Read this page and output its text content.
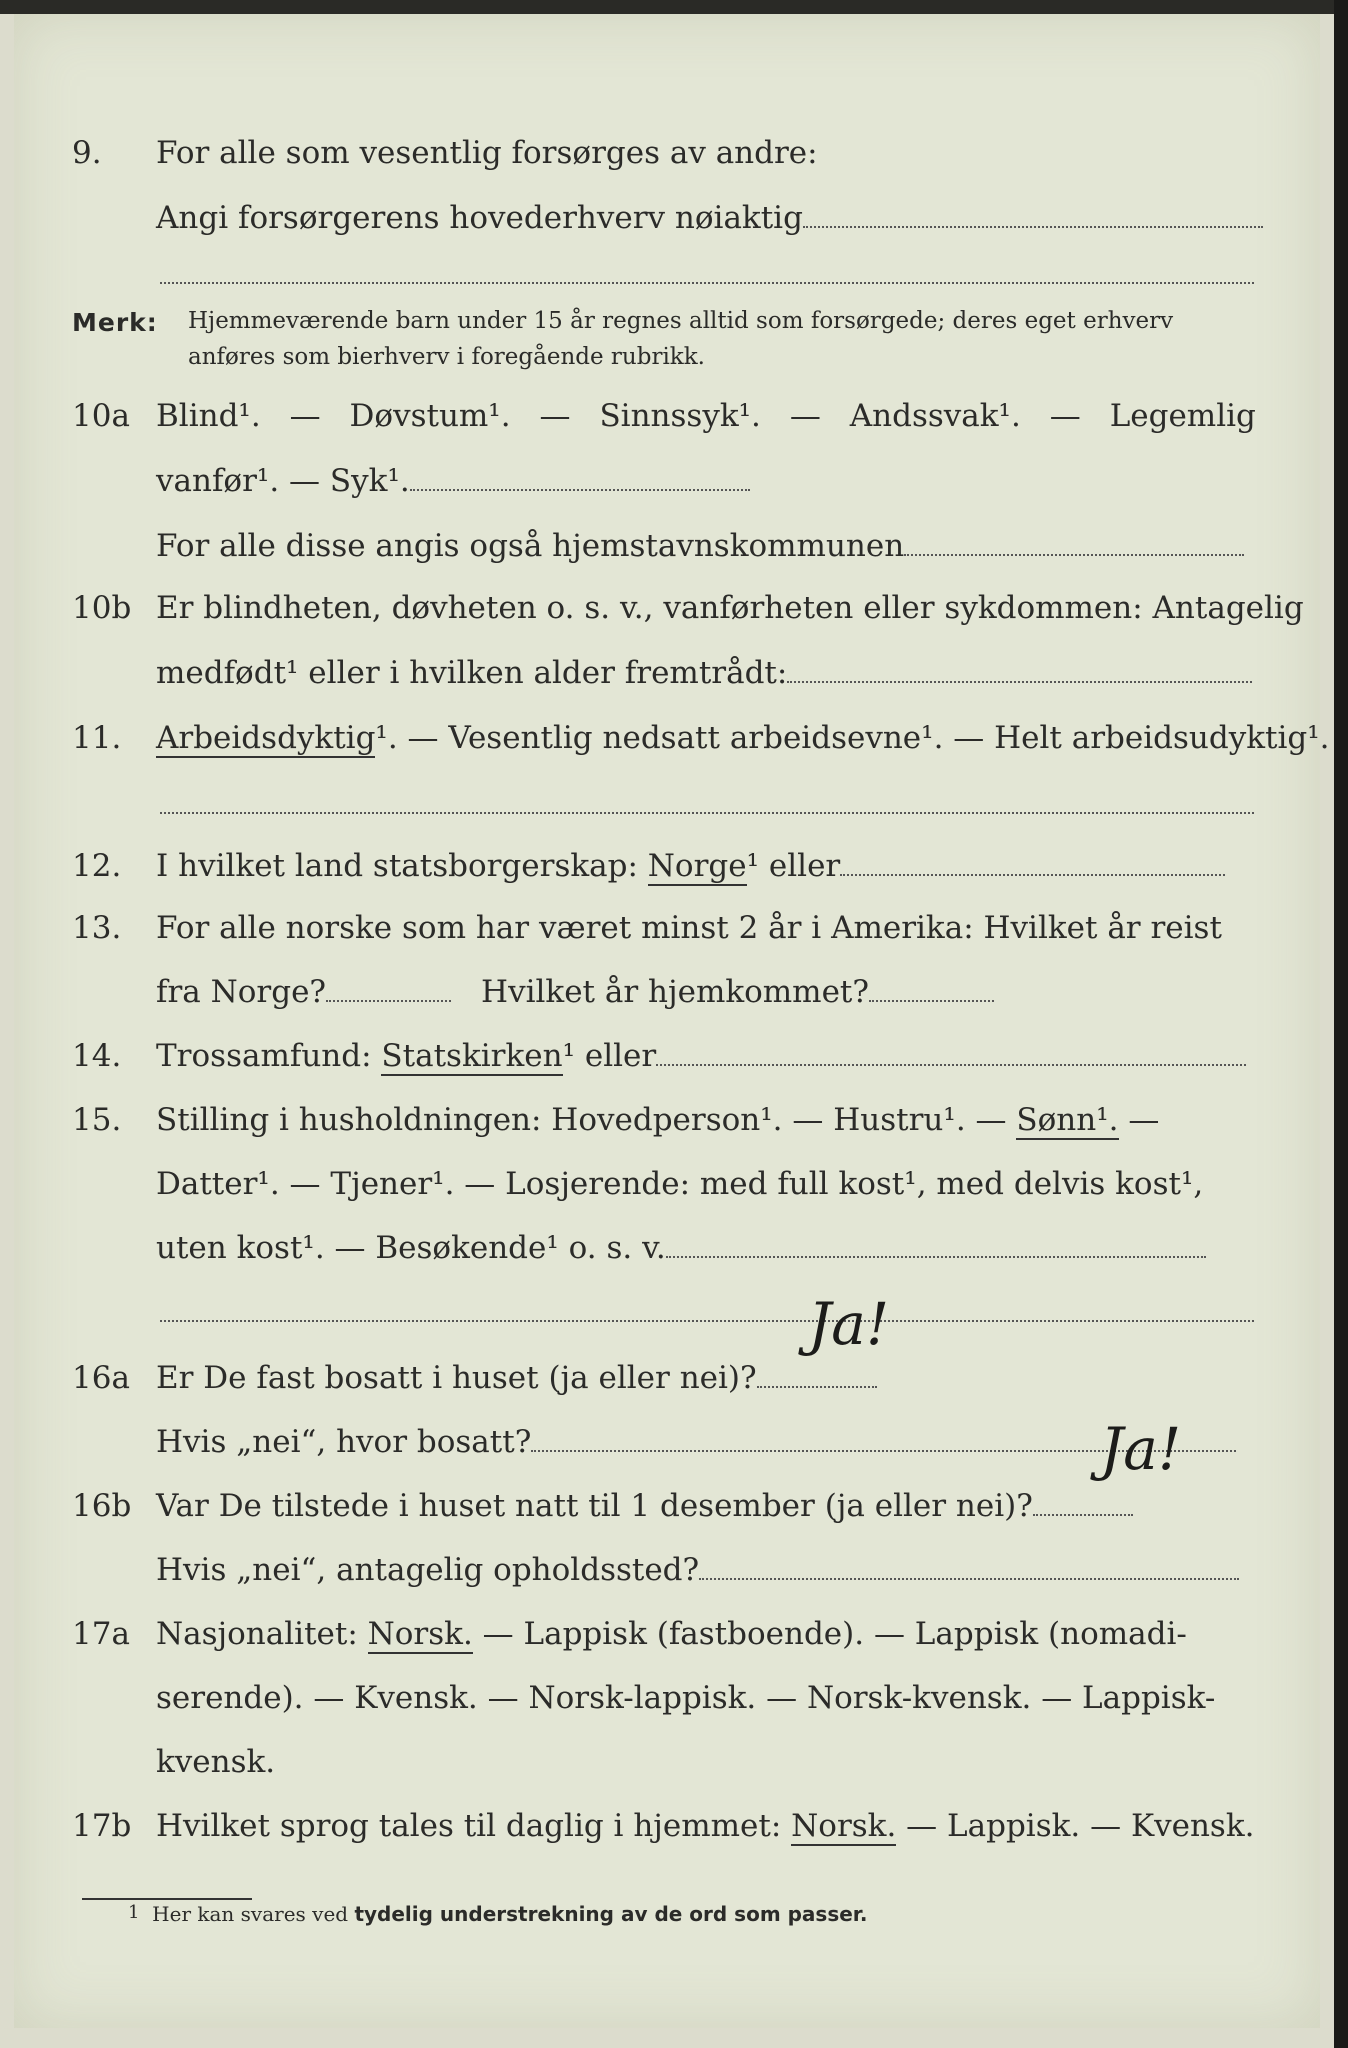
9. For alle som vesentlig forsørges av andre:
Angi forsørgerens hovederhverv nøiaktig
Merk: Hjemmeværende barn under 15 år regnes alltid som forsørgede; deres eget erhverv
anføres som bierhverv i foregående rubrikk.
10a Blind¹. — Døvstum¹. — Sinnssyk¹. — Andssvak¹. — Legemlig
vanfør¹. — Syk¹.
For alle disse angis også hjemstavnskommunen
10b Er blindheten, døvheten o. s. v., vanførheten eller sykdommen: Antagelig
medfødt¹ eller i hvilken alder fremtrådt:
11. Arbeidsdyktig¹. — Vesentlig nedsatt arbeidsevne¹. — Helt arbeidsudyktig¹.
12. I hvilket land statsborgerskap: Norge¹ eller
13. For alle norske som har været minst 2 år i Amerika: Hvilket år reist
fra Norge?	Hvilket år hjemkommet?
14. Trossamfund: Statskirken¹ eller
15. Stilling i husholdningen: Hovedperson¹. — Hustru¹. — Sønn¹. —
Datter¹. — Tjener¹. — Losjerende: med full kost¹, med delvis kost¹,
uten kost¹. — Besøkende¹ o. s. v.
16a Er De fast bosatt i huset (ja eller nei)?
Ja!
Hvis „nei“, hvor bosatt?
16b Var De tilstede i huset natt til 1 desember (ja eller nei)?
Ja!
Hvis „nei“, antagelig opholdssted?
17a Nasjonalitet: Norsk. — Lappisk (fastboende). — Lappisk (nomadi-
serende). — Kvensk. — Norsk-lappisk. — Norsk-kvensk. — Lappisk-
kvensk.
17b Hvilket sprog tales til daglig i hjemmet: Norsk. — Lappisk. — Kvensk.
1 Her kan svares ved tydelig understrekning av de ord som passer.
